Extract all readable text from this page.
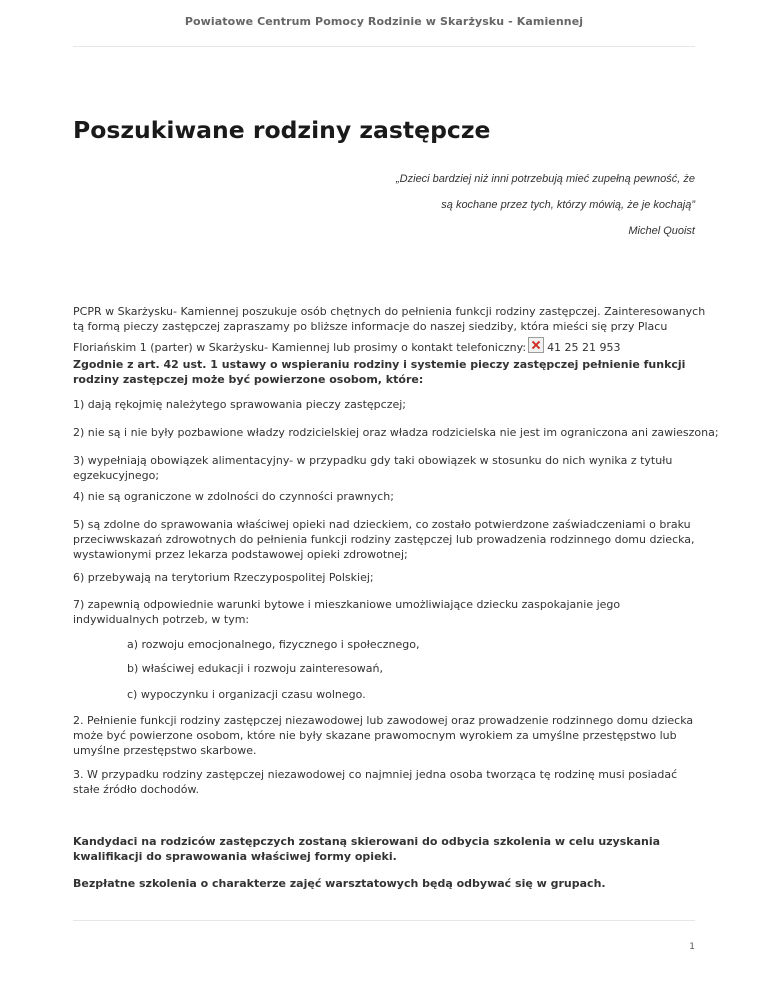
Powiatowe Centrum Pomocy Rodzinie w Skarżysku - Kamiennej
Poszukiwane rodziny zastępcze
„Dzieci bardziej niż inni potrzebują mieć zupełną pewność, że
są kochane przez tych, którzy mówią, że je kochają”
Michel Quoist
PCPR w Skarżysku- Kamiennej poszukuje osób chętnych do pełnienia funkcji rodziny zastępczej. Zainteresowanych
tą formą pieczy zastępczej zapraszamy po bliższe informacje do naszej siedziby, która mieści się przy Placu
Floriańskim 1 (parter) w Skarżysku- Kamiennej lub prosimy o kontakt telefoniczny: 41 25 21 953

Zgodnie z art. 42 ust. 1 ustawy o wspieraniu rodziny i systemie pieczy zastępczej pełnienie funkcji rodziny zastępczej może być powierzone osobom, które:

1) dają rękojmię należytego sprawowania pieczy zastępczej;

2) nie są i nie były pozbawione władzy rodzicielskiej oraz władza rodzicielska nie jest im ograniczona ani zawieszona;

3) wypełniają obowiązek alimentacyjny- w przypadku gdy taki obowiązek w stosunku do nich wynika z tytułu egzekucyjnego;

4) nie są ograniczone w zdolności do czynności prawnych;

5) są zdolne do sprawowania właściwej opieki nad dzieckiem, co zostało potwierdzone zaświadczeniami o braku przeciwwskazań zdrowotnych do pełnienia funkcji rodziny zastępczej lub prowadzenia rodzinnego domu dziecka, wystawionymi przez lekarza podstawowej opieki zdrowotnej;

6) przebywają na terytorium Rzeczypospolitej Polskiej;

7) zapewnią odpowiednie warunki bytowe i mieszkaniowe umożliwiające dziecku zaspokajanie jego indywidualnych potrzeb, w tym:

a) rozwoju emocjonalnego, fizycznego i społecznego,

b) właściwej edukacji i rozwoju zainteresowań,

c) wypoczynku i organizacji czasu wolnego.

2. Pełnienie funkcji rodziny zastępczej niezawodowej lub zawodowej oraz prowadzenie rodzinnego domu dziecka może być powierzone osobom, które nie były skazane prawomocnym wyrokiem za umyślne przestępstwo lub umyślne przestępstwo skarbowe.

3. W przypadku rodziny zastępczej niezawodowej co najmniej jedna osoba tworząca tę rodzinę musi posiadać stałe źródło dochodów.

Kandydaci na rodziców zastępczych zostaną skierowani do odbycia szkolenia w celu uzyskania kwalifikacji do sprawowania właściwej formy opieki.

Bezpłatne szkolenia o charakterze zajęć warsztatowych będą odbywać się w grupach.

1
